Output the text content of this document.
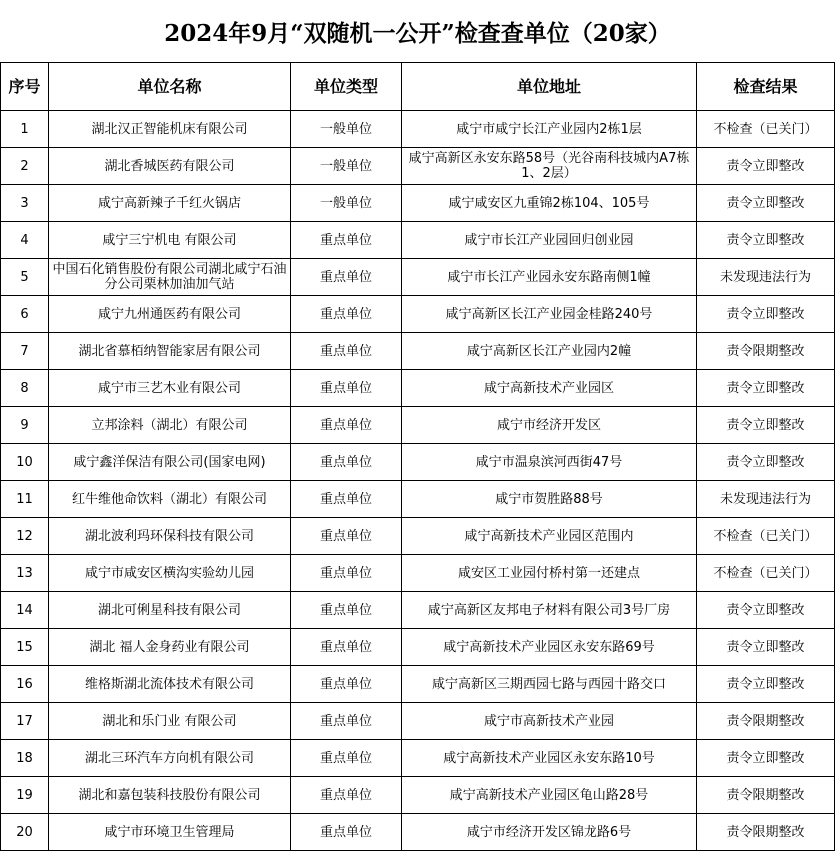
2024年9月“双随机一公开”检查查单位（20家）
序号	单位名称	单位类型	单位地址	检查结果
1	湖北汉正智能机床有限公司	一般单位	咸宁市咸宁长江产业园内2栋1层	不检查（已关门）
2	湖北香城医药有限公司	一般单位	咸宁高新区永安东路58号（光谷南科技城内A7栋1、2层）	责令立即整改
3	咸宁高新辣子千红火锅店	一般单位	咸宁咸安区九重锦2栋104、105号	责令立即整改
4	咸宁三宁机电 有限公司	重点单位	咸宁市长江产业园回归创业园	责令立即整改
5	中国石化销售股份有限公司湖北咸宁石油分公司栗林加油加气站	重点单位	咸宁市长江产业园永安东路南侧1幢	未发现违法行为
6	咸宁九州通医药有限公司	重点单位	咸宁高新区长江产业园金桂路240号	责令立即整改
7	湖北省慕栢纳智能家居有限公司	重点单位	咸宁高新区长江产业园内2幢	责令限期整改
8	咸宁市三艺木业有限公司	重点单位	咸宁高新技术产业园区	责令立即整改
9	立邦涂料（湖北）有限公司	重点单位	咸宁市经济开发区	责令立即整改
10	咸宁鑫洋保洁有限公司(国家电网)	重点单位	咸宁市温泉滨河西街47号	责令立即整改
11	红牛维他命饮料（湖北）有限公司	重点单位	咸宁市贺胜路88号	未发现违法行为
12	湖北波利玛环保科技有限公司	重点单位	咸宁高新技术产业园区范围内	不检查（已关门）
13	咸宁市咸安区横沟实验幼儿园	重点单位	咸安区工业园付桥村第一还建点	不检查（已关门）
14	湖北可俐星科技有限公司	重点单位	咸宁高新区友邦电子材料有限公司3号厂房	责令立即整改
15	湖北 福人金身药业有限公司	重点单位	咸宁高新技术产业园区永安东路69号	责令立即整改
16	维格斯湖北流体技术有限公司	重点单位	咸宁高新区三期西园七路与西园十路交口	责令立即整改
17	湖北和乐门业 有限公司	重点单位	咸宁市高新技术产业园	责令限期整改
18	湖北三环汽车方向机有限公司	重点单位	咸宁高新技术产业园区永安东路10号	责令立即整改
19	湖北和嘉包装科技股份有限公司	重点单位	咸宁高新技术产业园区龟山路28号	责令限期整改
20	咸宁市环境卫生管理局	重点单位	咸宁市经济开发区锦龙路6号	责令限期整改
